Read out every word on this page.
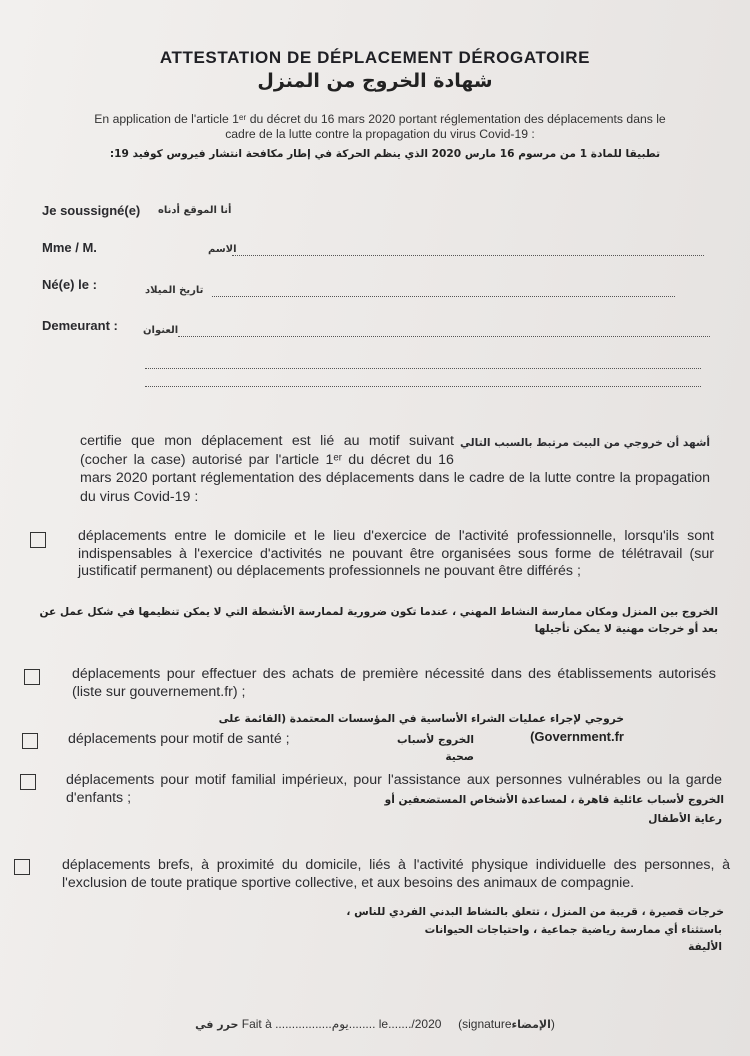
ATTESTATION DE DÉPLACEMENT DÉROGATOIRE
شهادة الخروج من المنزل
En application de l'article 1ᵉʳ du décret du 16 mars 2020 portant réglementation des déplacements dans le cadre de la lutte contre la propagation du virus Covid-19 :
تطبيقا للمادة 1 من مرسوم 16 مارس 2020 الذي ينظم الحركة في إطار مكافحة انتشار فيروس كوفيد 19:
Je soussigné(e) أنا الموقع أدناه
Mme / M.	الاسم
Né(e) le :	تاريخ الميلاد
Demeurant :	العنوان
أشهد أن خروجي من البيت مرتبط بالسبب التالي
certifie que mon déplacement est lié au motif suivant (cocher la case) autorisé par l'article 1ᵉʳ du décret du 16 mars 2020 portant réglementation des déplacements dans le cadre de la lutte contre la propagation du virus Covid-19 :
déplacements entre le domicile et le lieu d'exercice de l'activité professionnelle, lorsqu'ils sont indispensables à l'exercice d'activités ne pouvant être organisées sous forme de télétravail (sur justificatif permanent) ou déplacements professionnels ne pouvant être différés ;
الخروج بين المنزل ومكان ممارسة النشاط المهني ، عندما تكون ضرورية لممارسة الأنشطة التي لا يمكن تنظيمها في شكل عمل عن بعد أو خرجات مهنية لا يمكن تأجيلها
déplacements pour effectuer des achats de première nécessité dans des établissements autorisés (liste sur gouvernement.fr) ;
خروجي لإجراء عمليات الشراء الأساسية في المؤسسات المعتمدة (القائمة على (Government.fr
déplacements pour motif de santé ;	الخروج لأسباب صحية
déplacements pour motif familial impérieux, pour l'assistance aux personnes vulnérables ou la garde d'enfants ;	الخروج لأسباب عائلية قاهرة ، لمساعدة الأشخاص المستضعفين أو
رعاية الأطفال
déplacements brefs, à proximité du domicile, liés à l'activité physique individuelle des personnes, à l'exclusion de toute pratique sportive collective, et aux besoins des animaux de compagnie.
خرجات قصيرة ، قريبة من المنزل ، تتعلق بالنشاط البدني الفردي للناس ،
باستثناء أي ممارسة رياضية جماعية ، واحتياجات الحيوانات الأليفة
حرر في Fait à .................يوم........ le......./2020 (signatureالإمضاء)
